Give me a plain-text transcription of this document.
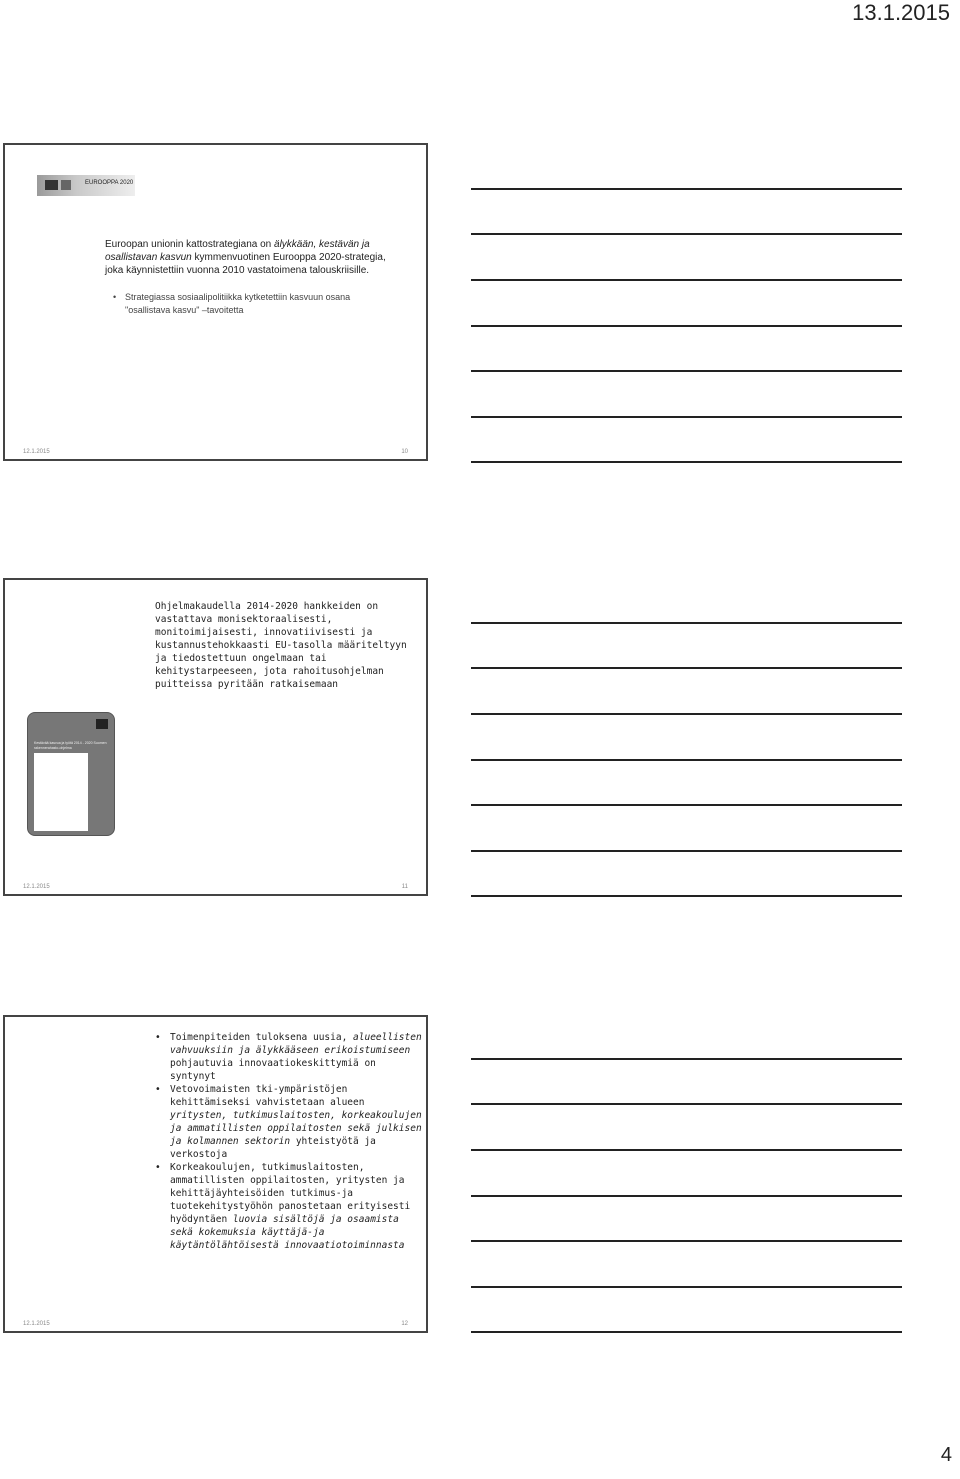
13.1.2015
EUROOPPA 2020
Euroopan unionin kattostrategiana on älykkään, kestävän ja osallistavan kasvun kymmenvuotinen Eurooppa 2020-strategia, joka käynnistettiin vuonna 2010 vastatoimena talouskriisille.
• Strategiassa sosiaalipolitiikka kytketettiin kasvuun osana "osallistava kasvu" –tavoitetta
12.1.2015	10
Ohjelmakaudella 2014-2020 hankkeiden on vastattava monisektoraalisesti, monitoimijaisesti, innovatiivisesti ja kustannustehokkaasti EU-tasolla määriteltyyn ja tiedostettuun ongelmaan tai kehitystarpeeseen, jota rahoitusohjelman puitteissa pyritään ratkaisemaan
Kestävää kasvua ja työtä 2014 - 2020 Suomen rakennerahasto-ohjelma
12.1.2015	11
• Toimenpiteiden tuloksena uusia, alueellisten vahvuuksiin ja älykkääseen erikoistumiseen pohjautuvia innovaatiokeskittymiä on syntynyt
• Vetovoimaisten tki-ympäristöjen kehittämiseksi vahvistetaan alueen yritysten, tutkimuslaitosten, korkeakoulujen ja ammatillisten oppilaitosten sekä julkisen ja kolmannen sektorin yhteistyötä ja verkostoja
• Korkeakoulujen, tutkimuslaitosten, ammatillisten oppilaitosten, yritysten ja kehittäjäyhteisöiden tutkimus-ja tuotekehitystyöhön panostetaan erityisesti hyödyntäen luovia sisältöjä ja osaamista sekä kokemuksia käyttäjä-ja käytäntölähtöisestä innovaatiotoiminnasta
12.1.2015	12
4
